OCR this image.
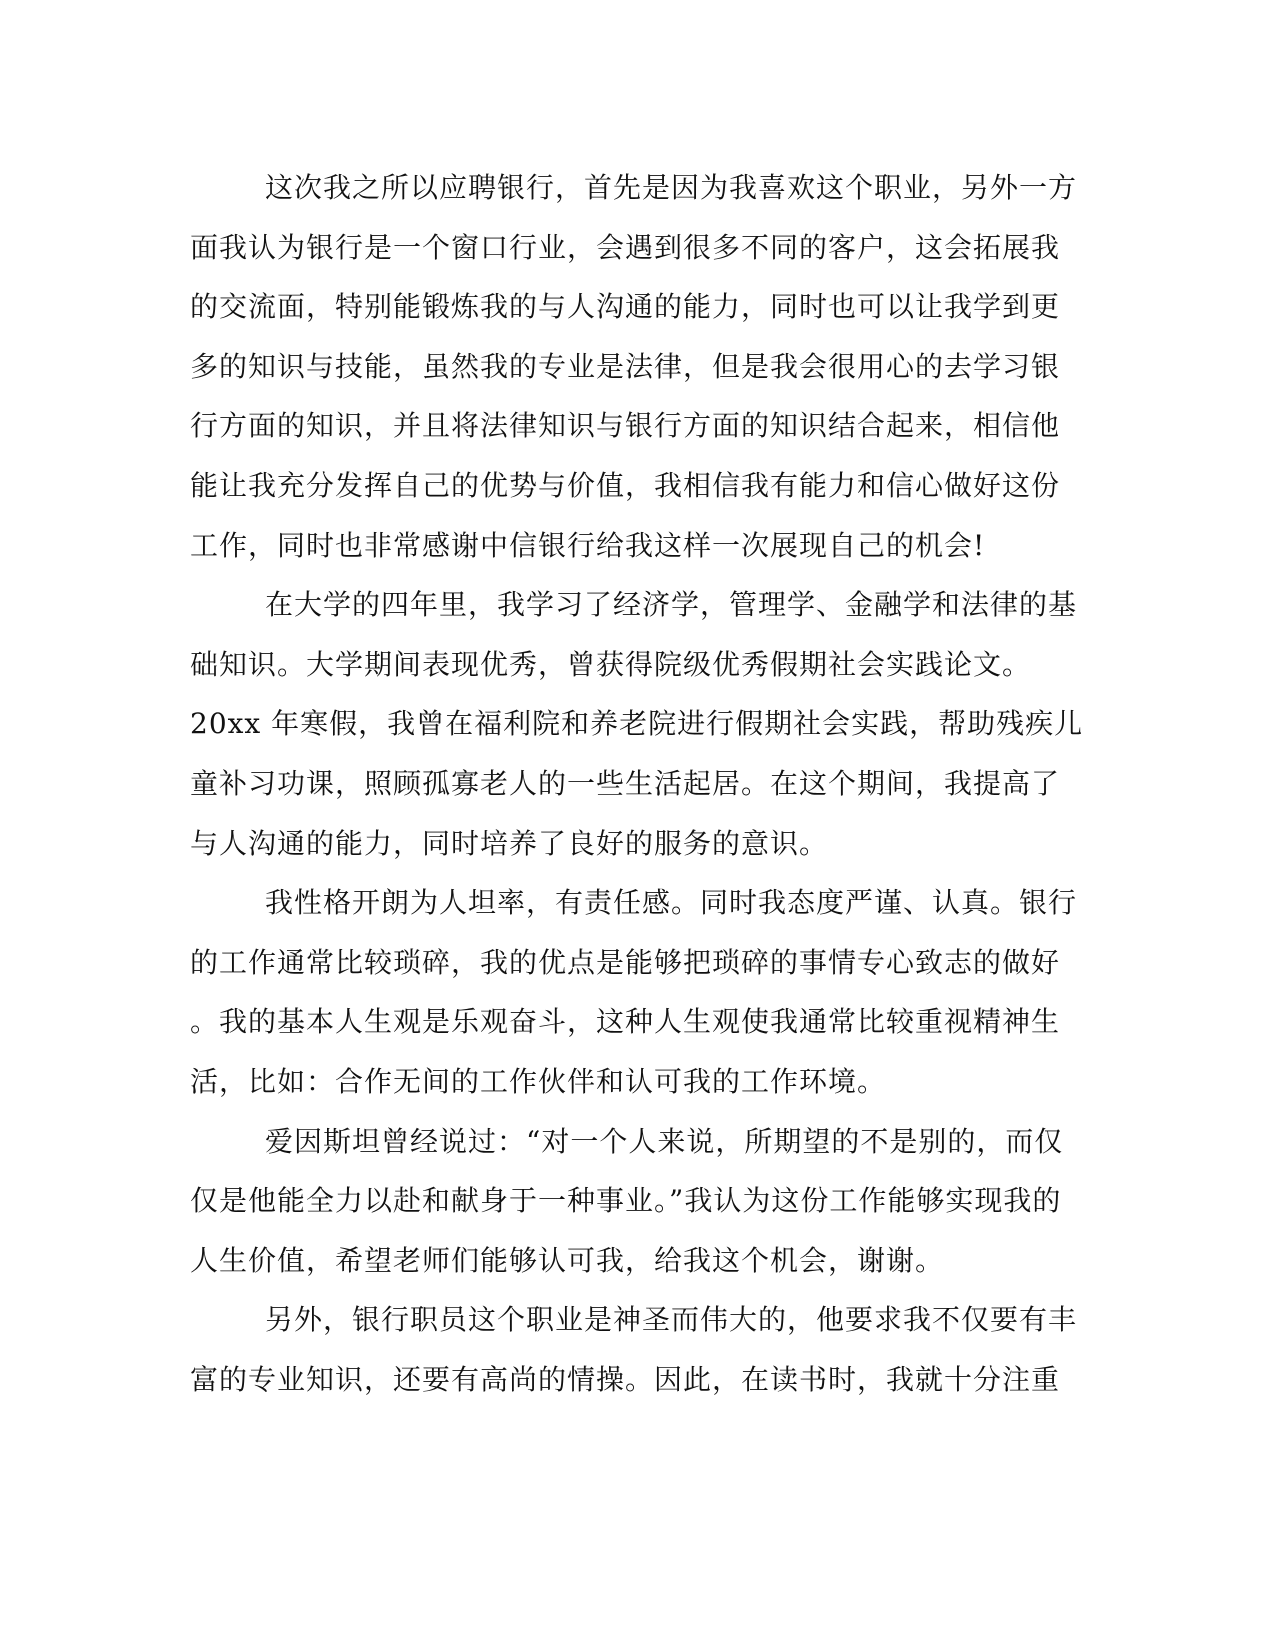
这次我之所以应聘银行，首先是因为我喜欢这个职业，另外一方
面我认为银行是一个窗口行业，会遇到很多不同的客户，这会拓展我
的交流面，特别能锻炼我的与人沟通的能力，同时也可以让我学到更
多的知识与技能，虽然我的专业是法律，但是我会很用心的去学习银
行方面的知识，并且将法律知识与银行方面的知识结合起来，相信他
能让我充分发挥自己的优势与价值，我相信我有能力和信心做好这份
工作，同时也非常感谢中信银行给我这样一次展现自己的机会!
在大学的四年里，我学习了经济学，管理学、金融学和法律的基
础知识。大学期间表现优秀，曾获得院级优秀假期社会实践论文。
20xx 年寒假，我曾在福利院和养老院进行假期社会实践，帮助残疾儿
童补习功课，照顾孤寡老人的一些生活起居。在这个期间，我提高了
与人沟通的能力，同时培养了良好的服务的意识。
我性格开朗为人坦率，有责任感。同时我态度严谨、认真。银行
的工作通常比较琐碎，我的优点是能够把琐碎的事情专心致志的做好
。我的基本人生观是乐观奋斗，这种人生观使我通常比较重视精神生
活，比如：合作无间的工作伙伴和认可我的工作环境。
爱因斯坦曾经说过：“对一个人来说，所期望的不是别的，而仅
仅是他能全力以赴和献身于一种事业。”我认为这份工作能够实现我的
人生价值，希望老师们能够认可我，给我这个机会，谢谢。
另外，银行职员这个职业是神圣而伟大的，他要求我不仅要有丰
富的专业知识，还要有高尚的情操。因此，在读书时，我就十分注重
